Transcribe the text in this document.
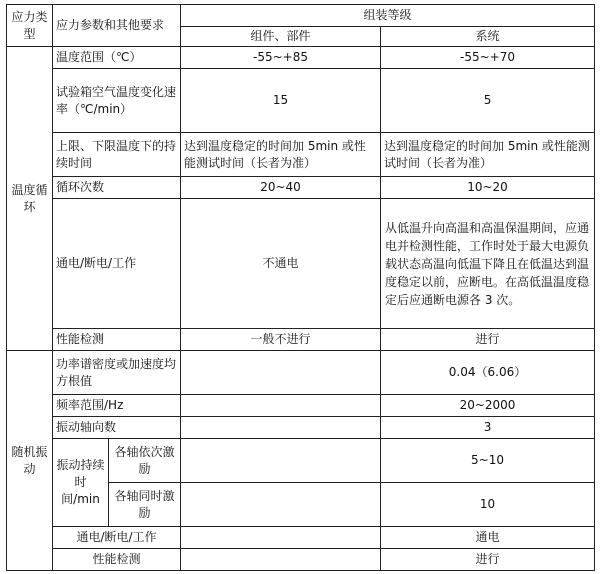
应力类型	应力参数和其他要求		组装等级	
			组件、部件	系统
温度循环	温度范围（℃）		-55~+85	-55~+70
	试验箱空气温度变化速率（℃/min）		15	5
	上限、下限温度下的持续时间		达到温度稳定的时间加 5min 或性能测试时间（长者为准）	达到温度稳定的时间加 5min 或性能测试时间（长者为准）
	循环次数		20~40	10~20
	通电/断电/工作		不通电	从低温升向高温和高温保温期间，应通电并检测性能，工作时处于最大电源负载状态高温向低温下降且在低温达到温度稳定以前，应断电。在高低温温度稳定后应通断电源各 3 次。
	性能检测		一般不进行	进行
随机振动	功率谱密度或加速度均方根值			0.04（6.06）
	频率范围/Hz			20~2000
	振动轴向数			3
	振动持续时间/min	各轴依次激励		5~10
		各轴同时激励		10
	通电/断电/工作			通电
	性能检测			进行
